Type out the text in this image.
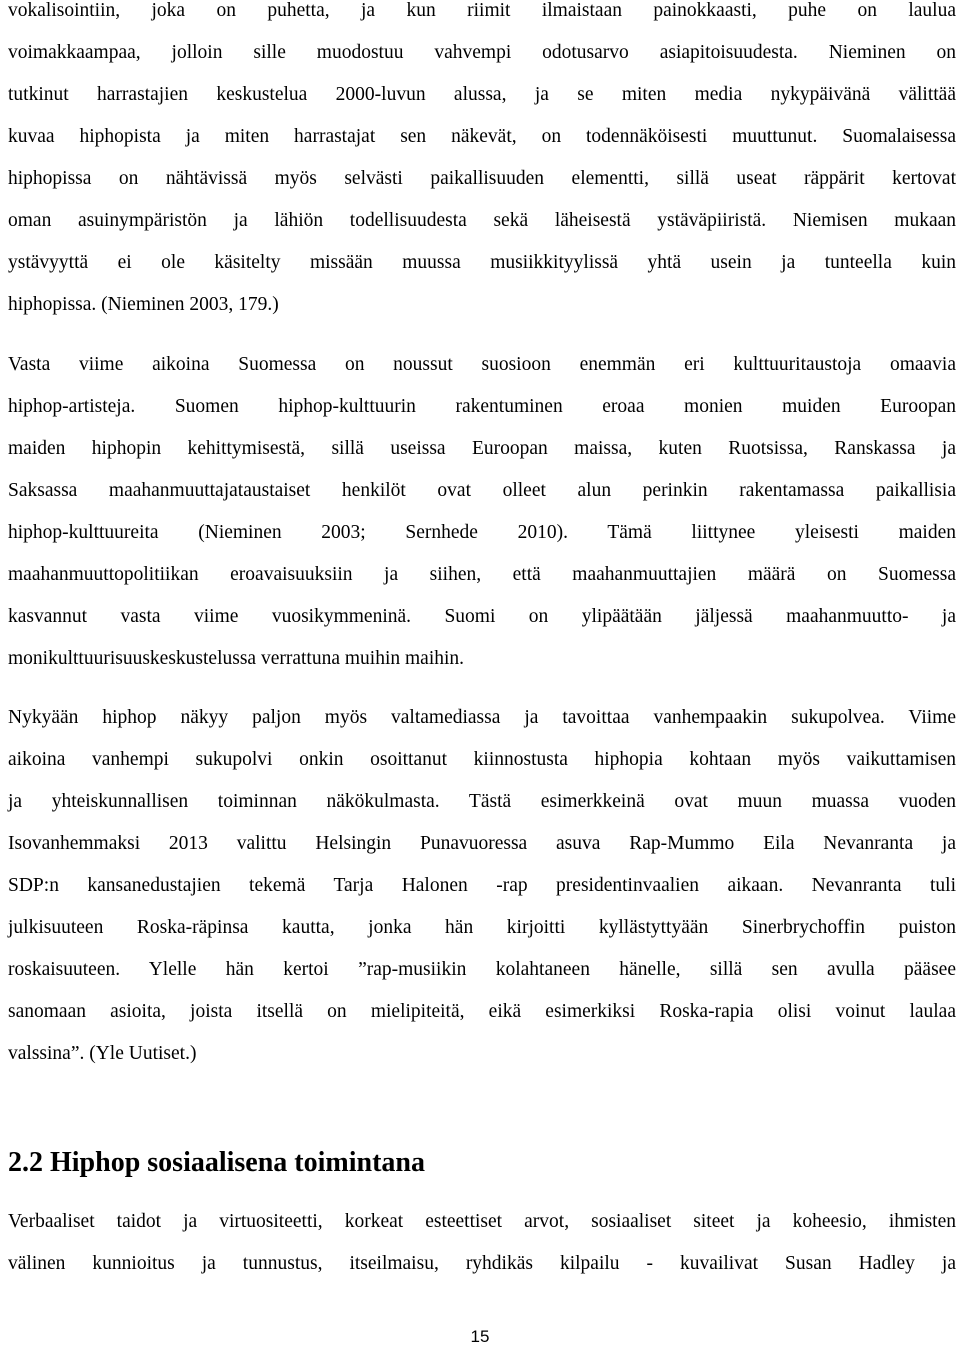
vokalisointiin, joka on puhetta, ja kun riimit ilmaistaan painokkaasti, puhe on laulua
voimakkaampaa, jolloin sille muodostuu vahvempi odotusarvo asiapitoisuudesta. Nieminen on
tutkinut harrastajien keskustelua 2000-luvun alussa, ja se miten media nykypäivänä välittää
kuvaa hiphopista ja miten harrastajat sen näkevät, on todennäköisesti muuttunut. Suomalaisessa
hiphopissa on nähtävissä myös selvästi paikallisuuden elementti, sillä useat räppärit kertovat
oman asuinympäristön ja lähiön todellisuudesta sekä läheisestä ystäväpiiristä. Niemisen mukaan
ystävyyttä ei ole käsitelty missään muussa musiikkityylissä yhtä usein ja tunteella kuin
hiphopissa. (Nieminen 2003, 179.)
Vasta viime aikoina Suomessa on noussut suosioon enemmän eri kulttuuritaustoja omaavia
hiphop-artisteja. Suomen hiphop-kulttuurin rakentuminen eroaa monien muiden Euroopan
maiden hiphopin kehittymisestä, sillä useissa Euroopan maissa, kuten Ruotsissa, Ranskassa ja
Saksassa maahanmuuttajataustaiset henkilöt ovat olleet alun perinkin rakentamassa paikallisia
hiphop-kulttuureita (Nieminen 2003; Sernhede 2010). Tämä liittynee yleisesti maiden
maahanmuuttopolitiikan eroavaisuuksiin ja siihen, että maahanmuuttajien määrä on Suomessa
kasvannut vasta viime vuosikymmeninä. Suomi on ylipäätään jäljessä maahanmuutto- ja
monikulttuurisuuskeskustelussa verrattuna muihin maihin.
Nykyään hiphop näkyy paljon myös valtamediassa ja tavoittaa vanhempaakin sukupolvea. Viime
aikoina vanhempi sukupolvi onkin osoittanut kiinnostusta hiphopia kohtaan myös vaikuttamisen
ja yhteiskunnallisen toiminnan näkökulmasta. Tästä esimerkkeinä ovat muun muassa vuoden
Isovanhemmaksi 2013 valittu Helsingin Punavuoressa asuva Rap-Mummo Eila Nevanranta ja
SDP:n kansanedustajien tekemä Tarja Halonen -rap presidentinvaalien aikaan. Nevanranta tuli
julkisuuteen Roska-räpinsa kautta, jonka hän kirjoitti kyllästyttyään Sinerbrychoffin puiston
roskaisuuteen. Ylelle hän kertoi ”rap-musiikin kolahtaneen hänelle, sillä sen avulla pääsee
sanomaan asioita, joista itsellä on mielipiteitä, eikä esimerkiksi Roska-rapia olisi voinut laulaa
valssina”. (Yle Uutiset.)
2.2 Hiphop sosiaalisena toimintana
Verbaaliset taidot ja virtuositeetti, korkeat esteettiset arvot, sosiaaliset siteet ja koheesio, ihmisten
välinen kunnioitus ja tunnustus, itseilmaisu, ryhdikäs kilpailu - kuvailivat Susan Hadley ja
15
